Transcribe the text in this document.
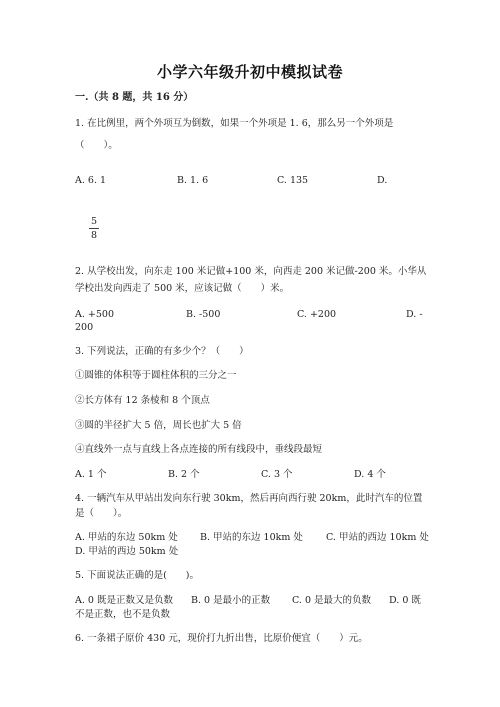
小学六年级升初中模拟试卷
一.（共 8 题，共 16 分）
1. 在比例里，两个外项互为倒数，如果一个外项是 1. 6，那么另一个外项是
（　　）。
A. 6. 1	B. 1. 6	C. 135	D.
5
8
2. 从学校出发，向东走 100 米记做+100 米，向西走 200 米记做-200 米。小华从
学校出发向西走了 500 米，应该记做（　　）米。
A. +500	B. -500	C. +200	D. -
200
3. 下列说法，正确的有多少个？（　　）
①圆锥的体积等于圆柱体积的三分之一
②长方体有 12 条棱和 8 个顶点
③圆的半径扩大 5 倍，周长也扩大 5 倍
④直线外一点与直线上各点连接的所有线段中，垂线段最短
A. 1 个	B. 2 个	C. 3 个	D. 4 个
4. 一辆汽车从甲站出发向东行驶 30km，然后再向西行驶 20km，此时汽车的位置
是（　　）。
A. 甲站的东边 50km 处 B. 甲站的东边 10km 处 C. 甲站的西边 10km 处
D. 甲站的西边 50km 处
5. 下面说法正确的是(　　)。
A. 0 既是正数又是负数 B. 0 是最小的正数 C. 0 是最大的负数 D. 0 既
不是正数，也不是负数
6. 一条裙子原价 430 元，现价打九折出售，比原价便宜（　　）元。
